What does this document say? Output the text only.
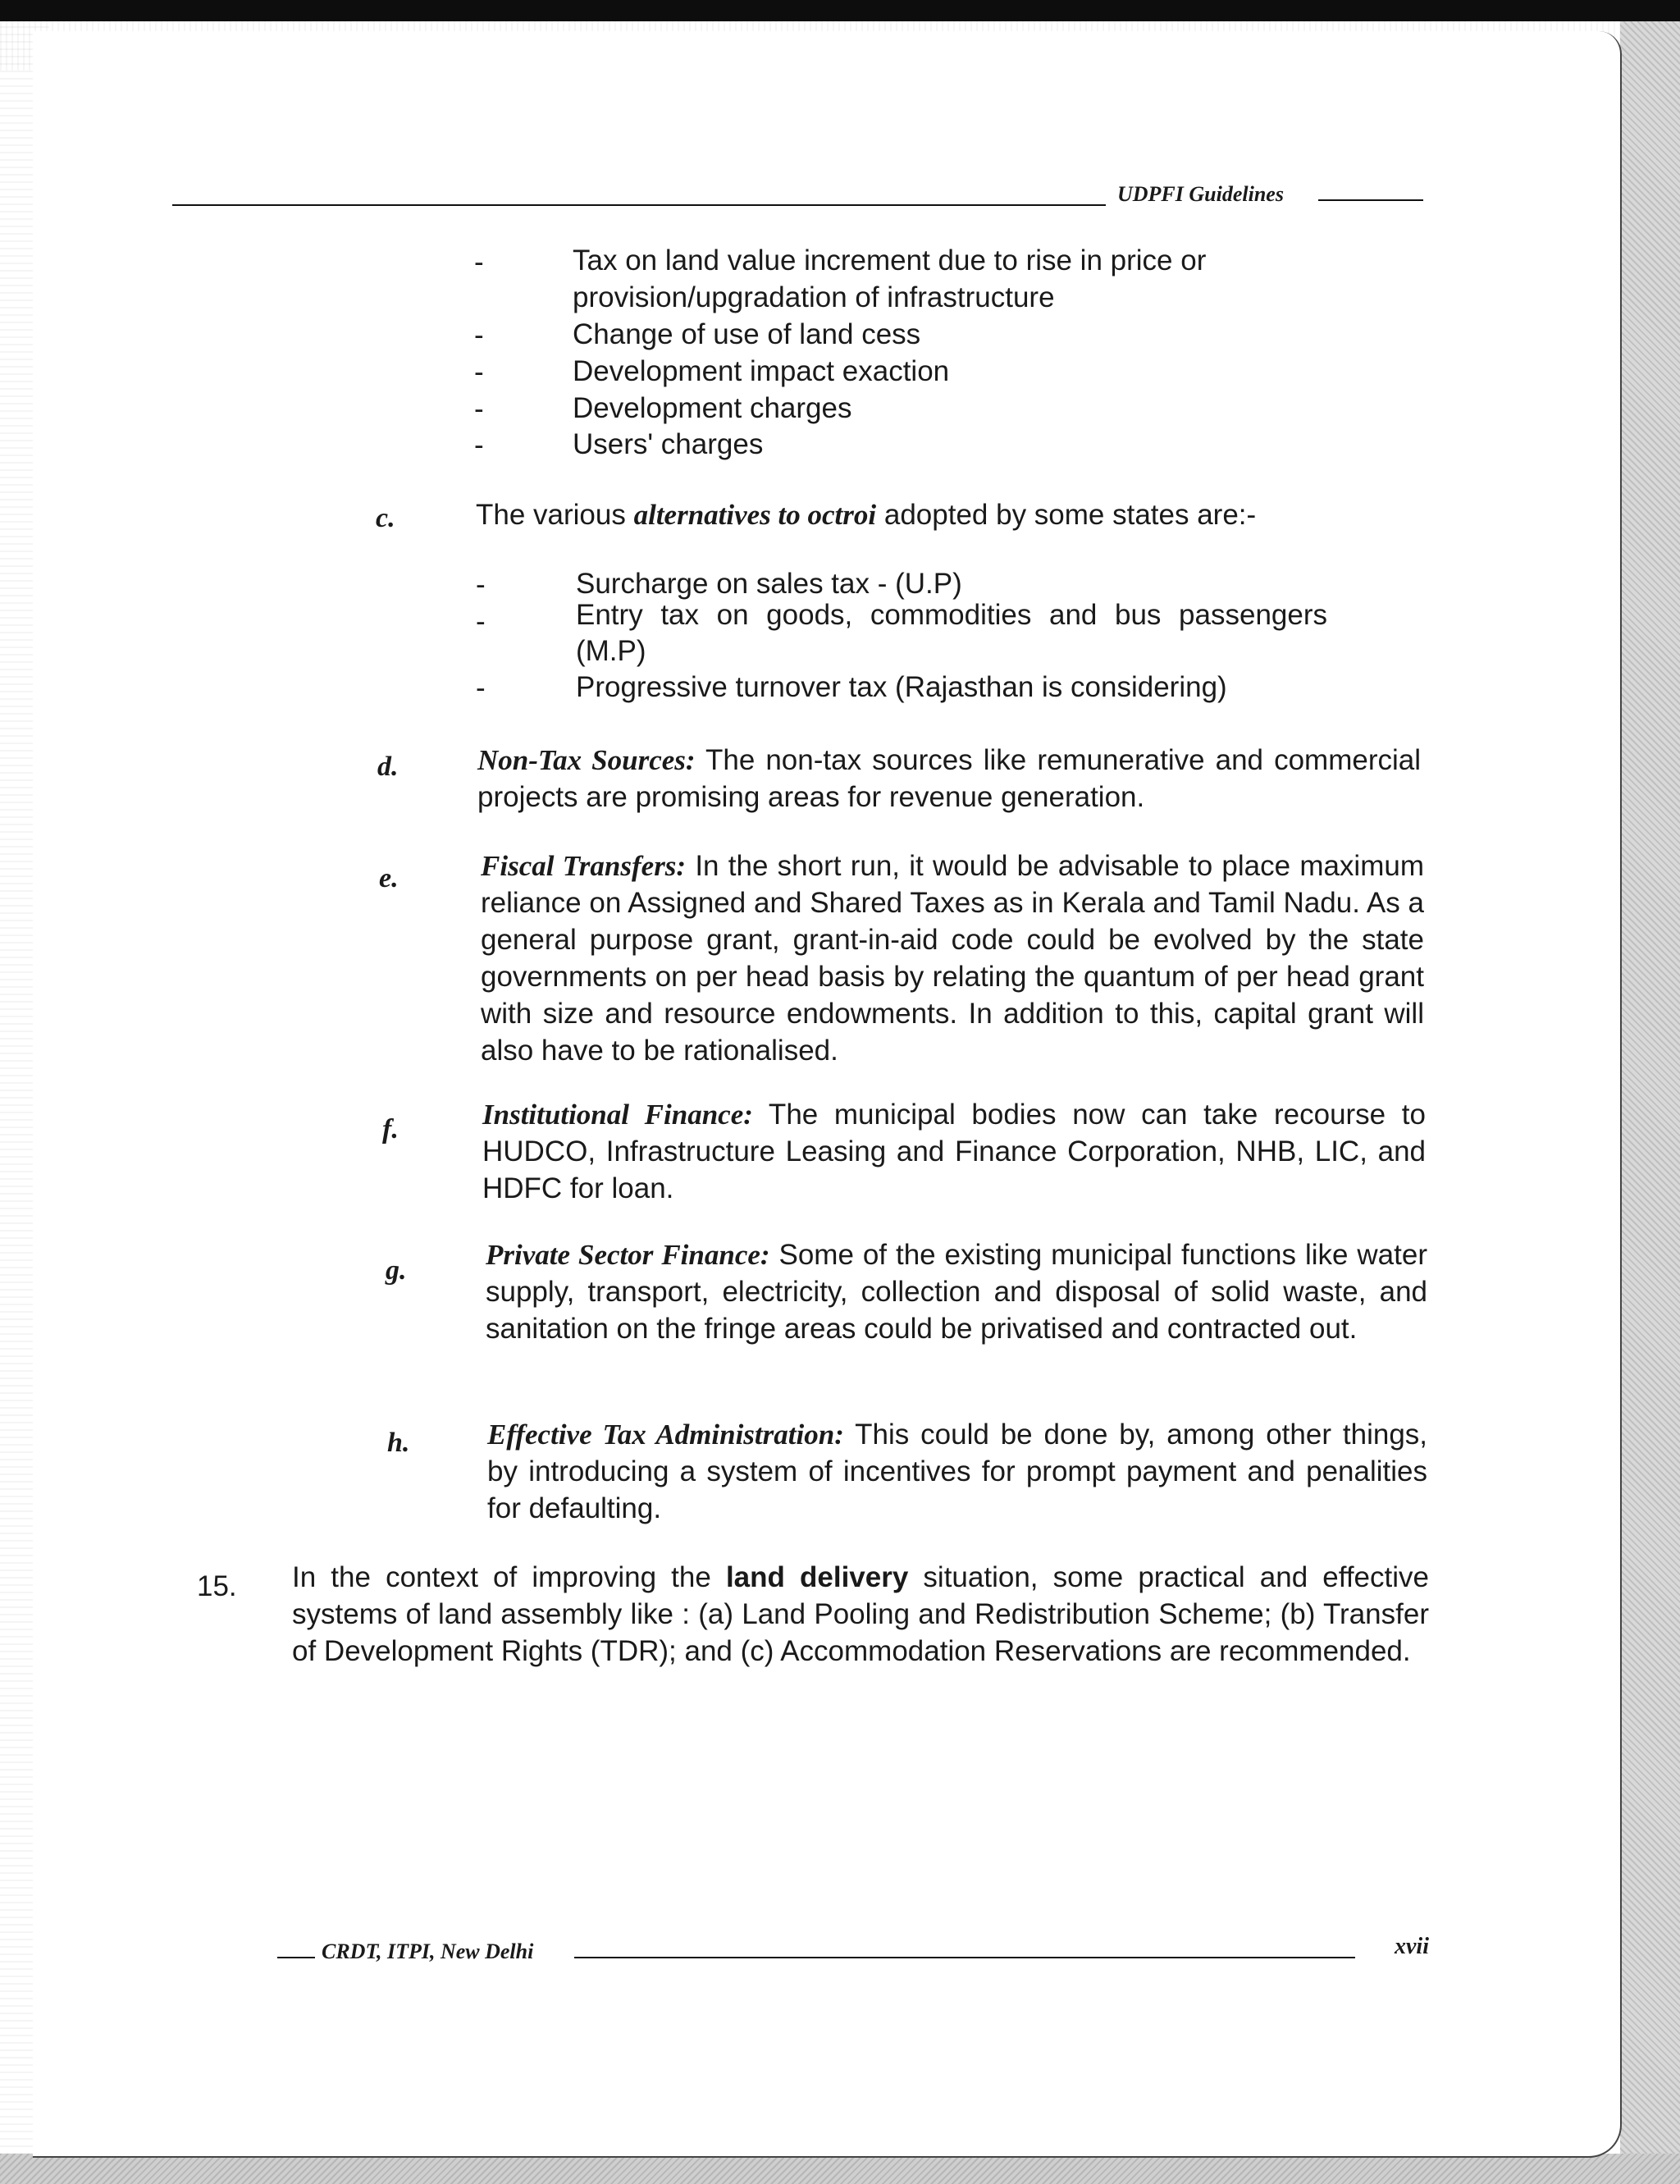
UDPFI Guidelines
-	Tax on land value increment due to rise in price or
provision/upgradation of infrastructure
-	Change of use of land cess
-	Development impact exaction
-	Development charges
-	Users' charges
c.	The various alternatives to octroi adopted by some states are:-
-	Surcharge on sales tax - (U.P)
-	Entry tax on goods, commodities and bus passengers
(M.P)
-	Progressive turnover tax (Rajasthan is considering)
d.	Non-Tax Sources: The non-tax sources like remunerative and commercial projects are promising areas for revenue generation.
e.	Fiscal Transfers: In the short run, it would be advisable to place maximum reliance on Assigned and Shared Taxes as in Kerala and Tamil Nadu. As a general purpose grant, grant-in-aid code could be evolved by the state governments on per head basis by relating the quantum of per head grant with size and resource endowments. In addition to this, capital grant will also have to be rationalised.
f.	Institutional Finance: The municipal bodies now can take recourse to HUDCO, Infrastructure Leasing and Finance Corporation, NHB, LIC, and HDFC for loan.
g.	Private Sector Finance: Some of the existing municipal functions like water supply, transport, electricity, collection and disposal of solid waste, and sanitation on the fringe areas could be privatised and contracted out.
h.	Effective Tax Administration: This could be done by, among other things, by introducing a system of incentives for prompt payment and penalities for defaulting.
15. In the context of improving the land delivery situation, some practical and effective systems of land assembly like : (a) Land Pooling and Redistribution Scheme; (b) Transfer of Development Rights (TDR); and (c) Accommodation Reservations are recommended.
CRDT, ITPI, New Delhi	xvii
